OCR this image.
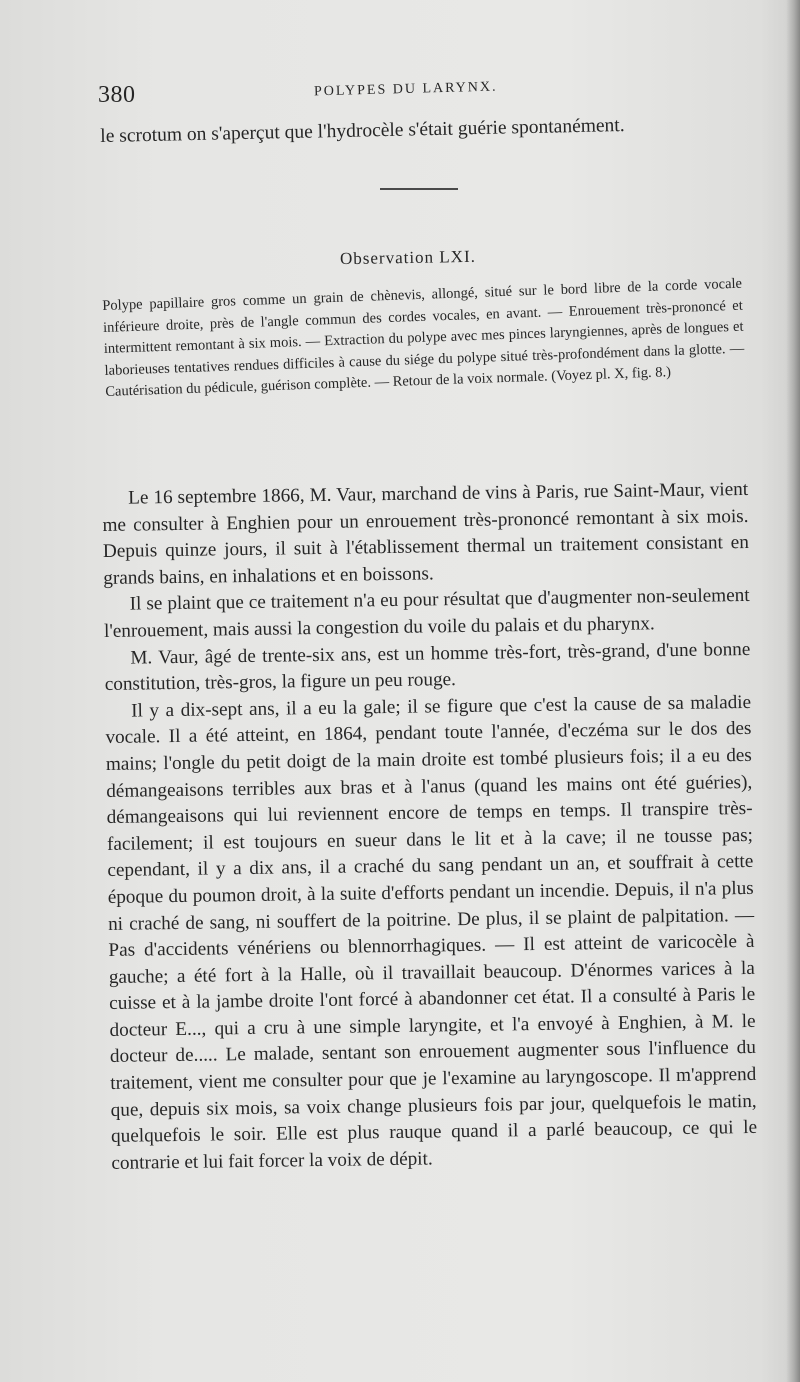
380	POLYPES DU LARYNX.
le scrotum on s'aperçut que l'hydrocèle s'était guérie spontanément.
Observation LXI.
Polype papillaire gros comme un grain de chènevis, allongé, situé sur le bord libre de la corde vocale inférieure droite, près de l'angle commun des cordes vocales, en avant. — Enrouement très-prononcé et intermittent remontant à six mois. — Extraction du polype avec mes pinces laryngiennes, après de longues et laborieuses tentatives rendues difficiles à cause du siége du polype situé très-profondément dans la glotte. — Cautérisation du pédicule, guérison complète. — Retour de la voix normale. (Voyez pl. X, fig. 8.)

Le 16 septembre 1866, M. Vaur, marchand de vins à Paris, rue Saint-Maur, vient me consulter à Enghien pour un enrouement très-prononcé remontant à six mois. Depuis quinze jours, il suit à l'établissement thermal un traitement consistant en grands bains, en inhalations et en boissons.

Il se plaint que ce traitement n'a eu pour résultat que d'augmenter non-seulement l'enrouement, mais aussi la congestion du voile du palais et du pharynx.

M. Vaur, âgé de trente-six ans, est un homme très-fort, très-grand, d'une bonne constitution, très-gros, la figure un peu rouge.

Il y a dix-sept ans, il a eu la gale; il se figure que c'est la cause de sa maladie vocale. Il a été atteint, en 1864, pendant toute l'année, d'eczéma sur le dos des mains; l'ongle du petit doigt de la main droite est tombé plusieurs fois; il a eu des démangeaisons terribles aux bras et à l'anus (quand les mains ont été guéries), démangeaisons qui lui reviennent encore de temps en temps. Il transpire très-facilement; il est toujours en sueur dans le lit et à la cave; il ne tousse pas; cependant, il y a dix ans, il a craché du sang pendant un an, et souffrait à cette époque du poumon droit, à la suite d'efforts pendant un incendie. Depuis, il n'a plus ni craché de sang, ni souffert de la poitrine. De plus, il se plaint de palpitation. — Pas d'accidents vénériens ou blennorrhagiques. — Il est atteint de varicocèle à gauche; a été fort à la Halle, où il travaillait beaucoup. D'énormes varices à la cuisse et à la jambe droite l'ont forcé à abandonner cet état. Il a consulté à Paris le docteur E..., qui a cru à une simple laryngite, et l'a envoyé à Enghien, à M. le docteur de..... Le malade, sentant son enrouement augmenter sous l'influence du traitement, vient me consulter pour que je l'examine au laryngoscope. Il m'apprend que, depuis six mois, sa voix change plusieurs fois par jour, quelquefois le matin, quelquefois le soir. Elle est plus rauque quand il a parlé beaucoup, ce qui le contrarie et lui fait forcer la voix de dépit.
